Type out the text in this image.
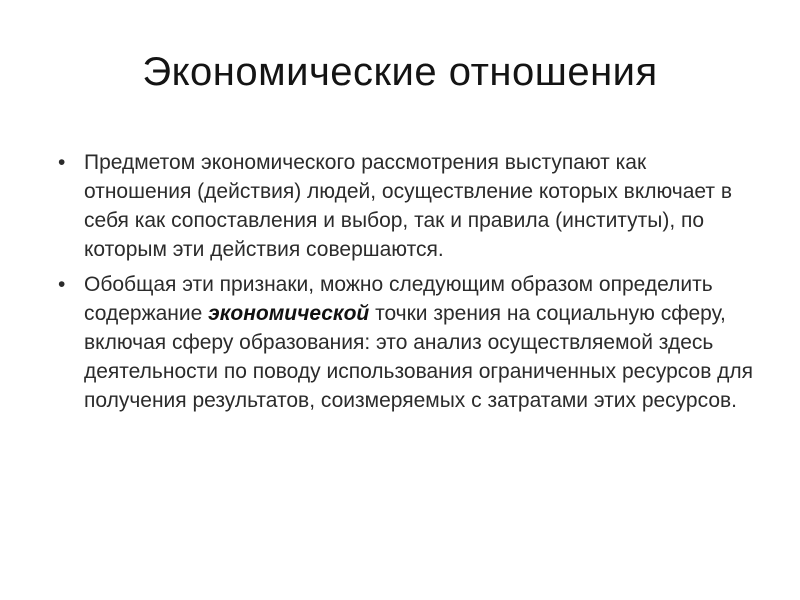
Экономические отношения
• Предметом экономического рассмотрения выступают как отношения (действия) людей, осуществление которых включает в себя как сопоставления и выбор, так и правила (институты), по которым эти действия совершаются.
• Обобщая эти признаки, можно следующим образом определить содержание экономической точки зрения на социальную сферу, включая сферу образования: это анализ осуществляемой здесь деятельности по поводу использования ограниченных ресурсов для получения результатов, соизмеряемых с затратами этих ресурсов.
